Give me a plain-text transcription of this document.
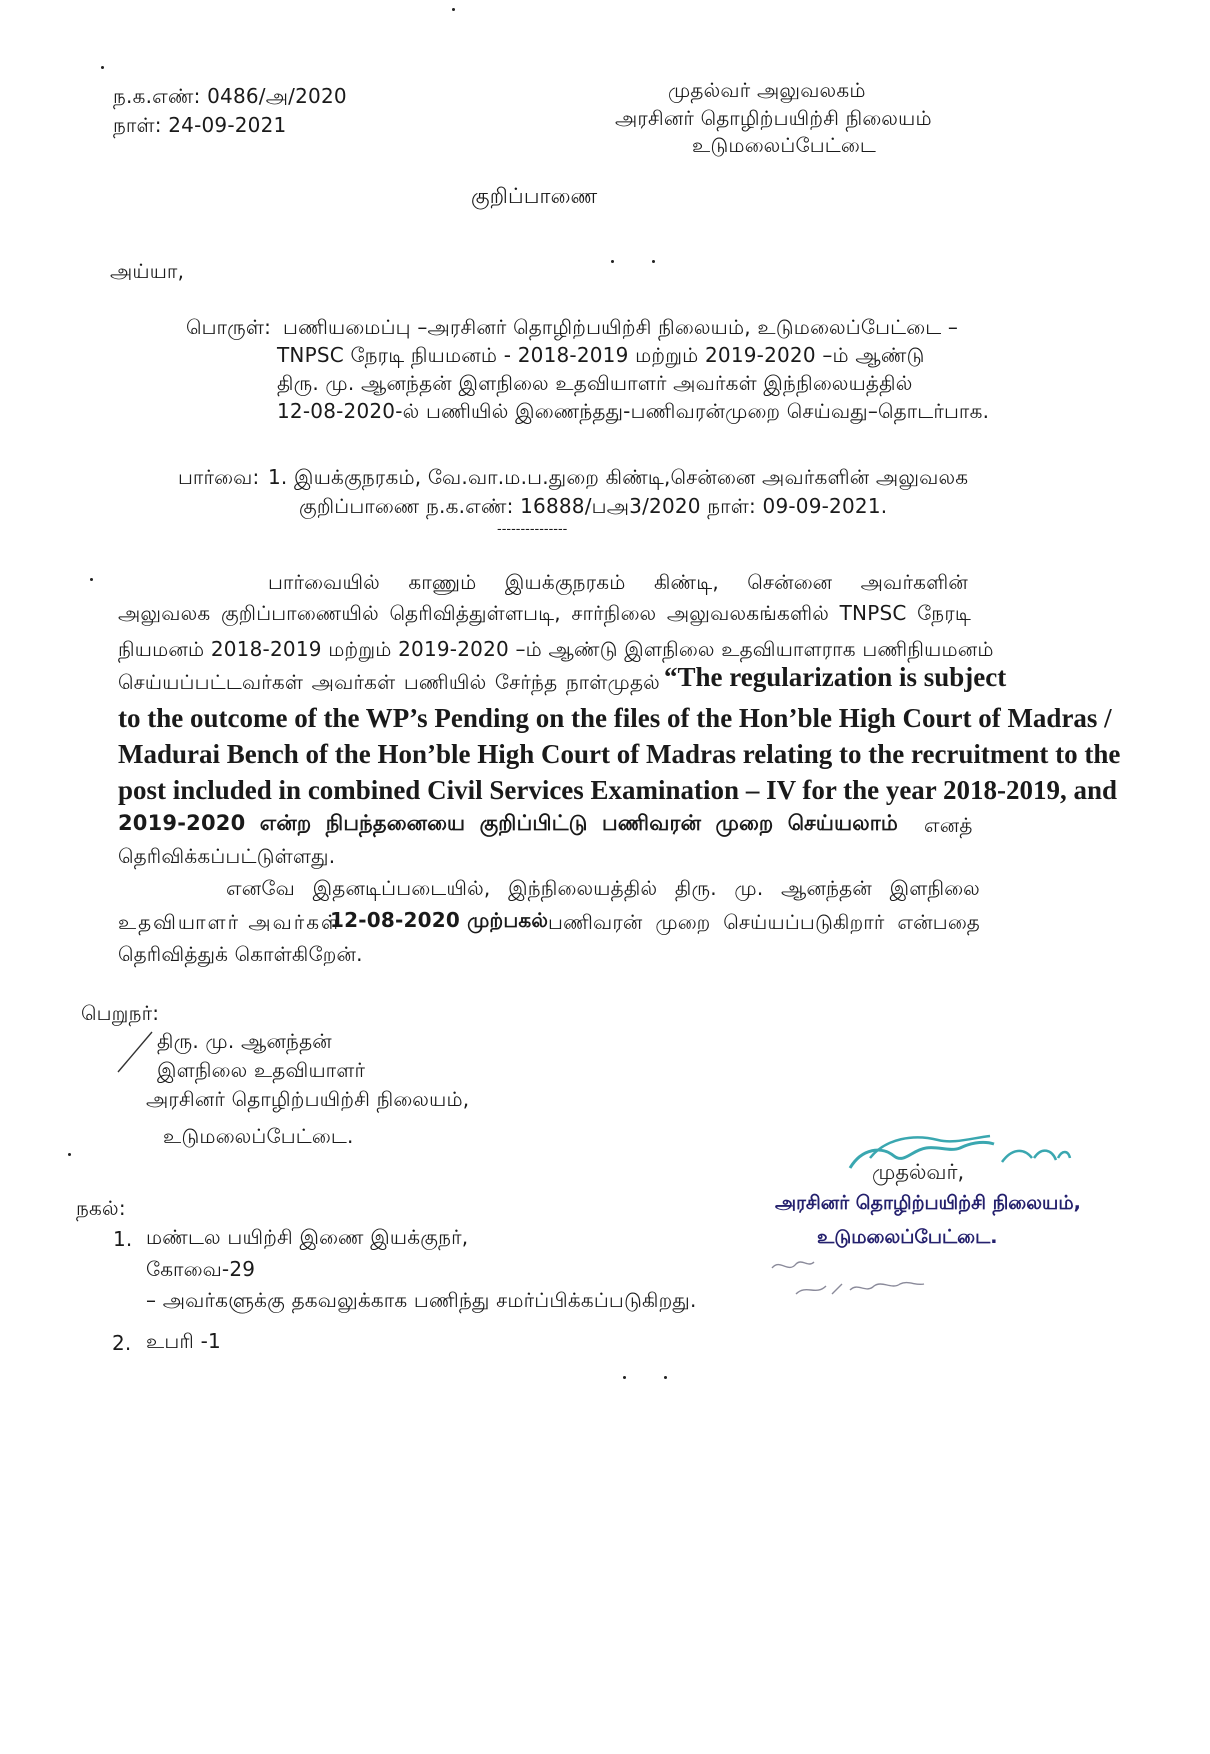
ந.க.எண்: 0486/அ/2020
நாள்: 24-09-2021
முதல்வர் அலுவலகம்
அரசினர் தொழிற்பயிற்சி நிலையம்
உடுமலைப்பேட்டை
குறிப்பாணை
அய்யா,
பொருள்: பணியமைப்பு –அரசினர் தொழிற்பயிற்சி நிலையம், உடுமலைப்பேட்டை –
TNPSC நேரடி நியமனம் - 2018-2019 மற்றும் 2019-2020 –ம் ஆண்டு
திரு. மு. ஆனந்தன் இளநிலை உதவியாளர் அவர்கள் இந்நிலையத்தில்
12-08-2020-ல் பணியில் இணைந்தது-பணிவரன்முறை செய்வது–தொடர்பாக.
பார்வை: 1. இயக்குநரகம், வே.வா.ம.ப.துறை கிண்டி,சென்னை அவர்களின் அலுவலக
குறிப்பாணை ந.க.எண்: 16888/பஅ3/2020 நாள்: 09-09-2021.
---------------
பார்வையில் காணும் இயக்குநரகம் கிண்டி, சென்னை அவர்களின்
அலுவலக குறிப்பாணையில் தெரிவித்துள்ளபடி, சார்நிலை அலுவலகங்களில் TNPSC நேரடி
நியமனம் 2018-2019 மற்றும் 2019-2020 –ம் ஆண்டு இளநிலை உதவியாளராக பணிநியமனம்
செய்யப்பட்டவர்கள் அவர்கள் பணியில் சேர்ந்த நாள்முதல் “The regularization is subject
to the outcome of the WP’s Pending on the files of the Hon’ble High Court of Madras /
Madurai Bench of the Hon’ble High Court of Madras relating to the recruitment to the
post included in combined Civil Services Examination – IV for the year 2018-2019, and
2019-2020 என்ற நிபந்தனையை குறிப்பிட்டு பணிவரன் முறை செய்யலாம் எனத்
தெரிவிக்கப்பட்டுள்ளது.
எனவே இதனடிப்படையில், இந்நிலையத்தில் திரு. மு. ஆனந்தன் இளநிலை
உதவியாளர் அவர்கள்
12-08-2020 முற்பகல் பணிவரன் முறை செய்யப்படுகிறார் என்பதை
தெரிவித்துக் கொள்கிறேன்.
பெறுநர்:
திரு. மு. ஆனந்தன்
இளநிலை உதவியாளர்
அரசினர் தொழிற்பயிற்சி நிலையம்,
உடுமலைப்பேட்டை.
முதல்வர்,
அரசினர் தொழிற்பயிற்சி நிலையம்,
உடுமலைப்பேட்டை.
நகல்:
1. மண்டல பயிற்சி இணை இயக்குநர்,
கோவை-29
– அவர்களுக்கு தகவலுக்காக பணிந்து சமர்ப்பிக்கப்படுகிறது.
2. உபரி -1
